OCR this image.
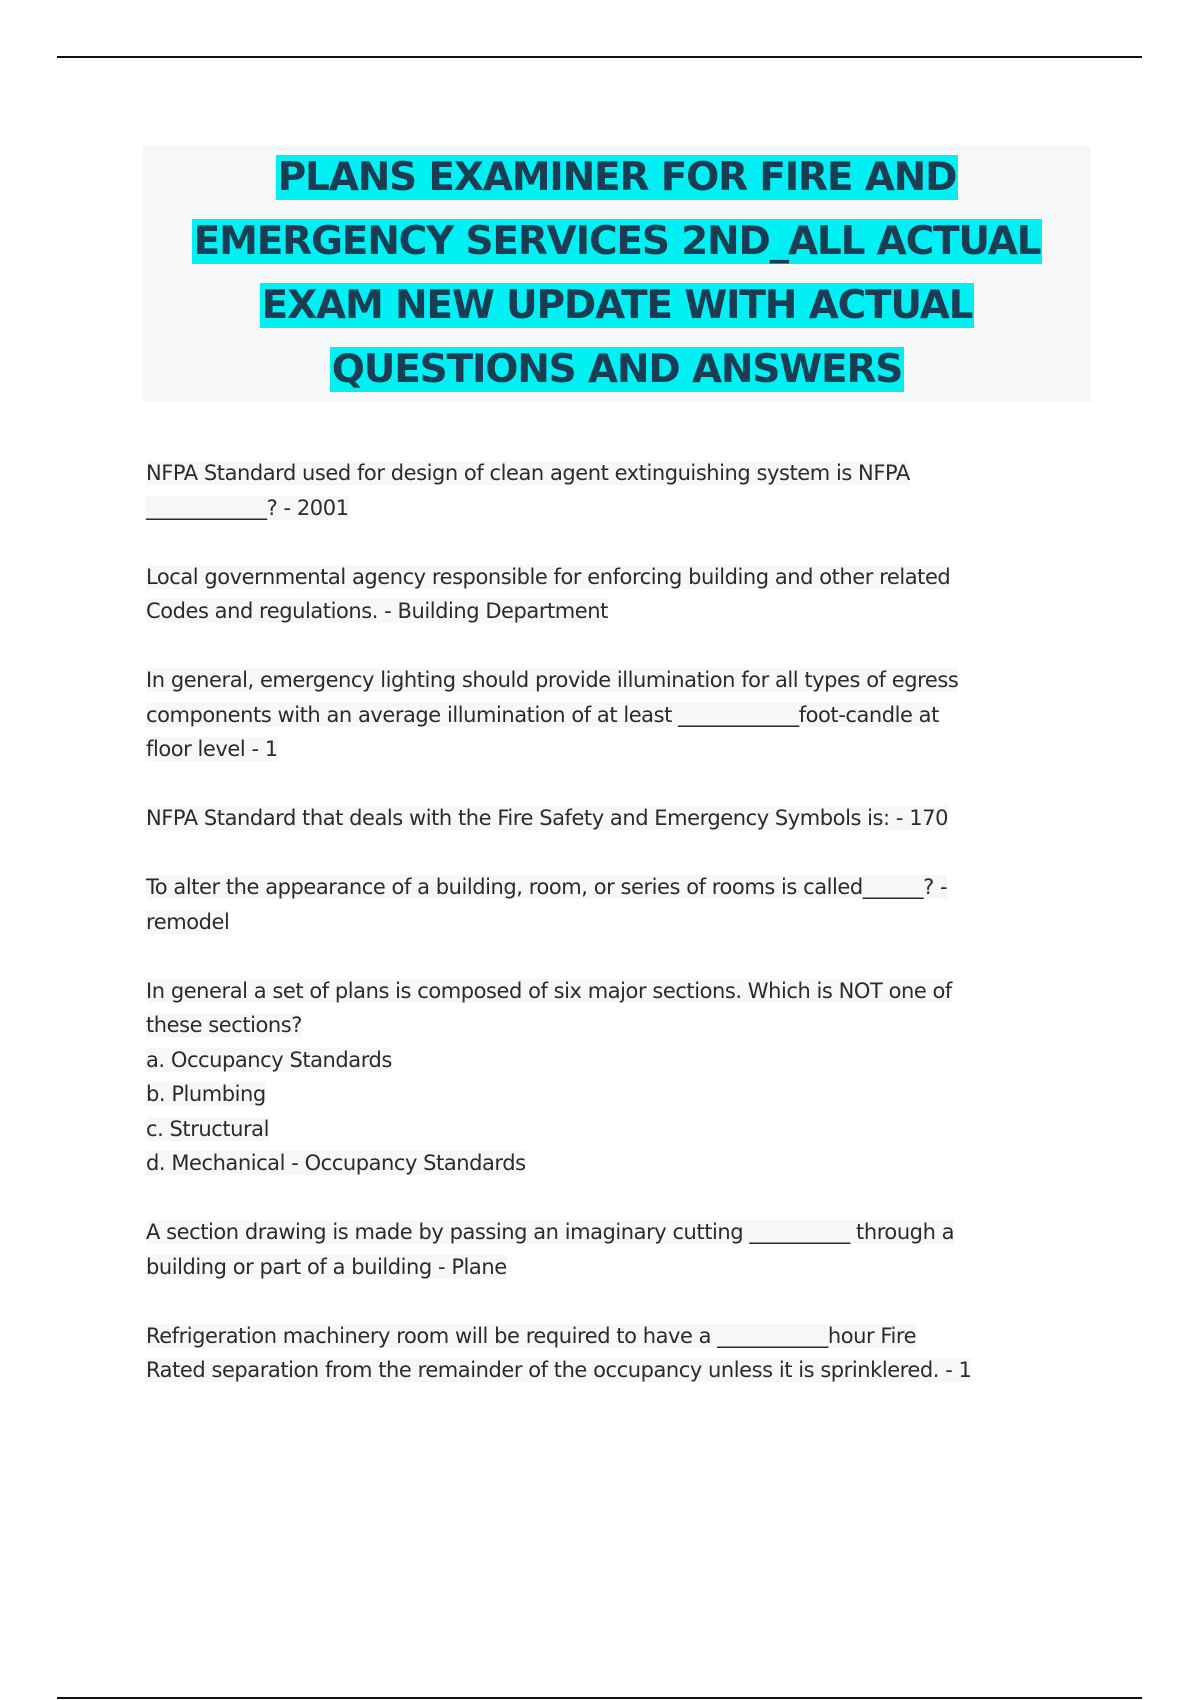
PLANS EXAMINER FOR FIRE AND
EMERGENCY SERVICES 2ND_ALL ACTUAL
EXAM NEW UPDATE WITH ACTUAL
QUESTIONS AND ANSWERS

NFPA Standard used for design of clean agent extinguishing system is NFPA
____________? - 2001

Local governmental agency responsible for enforcing building and other related
Codes and regulations. - Building Department

In general, emergency lighting should provide illumination for all types of egress
components with an average illumination of at least ____________foot-candle at
floor level - 1

NFPA Standard that deals with the Fire Safety and Emergency Symbols is: - 170

To alter the appearance of a building, room, or series of rooms is called______? -
remodel

In general a set of plans is composed of six major sections. Which is NOT one of
these sections?
a. Occupancy Standards
b. Plumbing
c. Structural
d. Mechanical - Occupancy Standards

A section drawing is made by passing an imaginary cutting __________ through a
building or part of a building - Plane

Refrigeration machinery room will be required to have a ___________hour Fire
Rated separation from the remainder of the occupancy unless it is sprinklered. - 1
